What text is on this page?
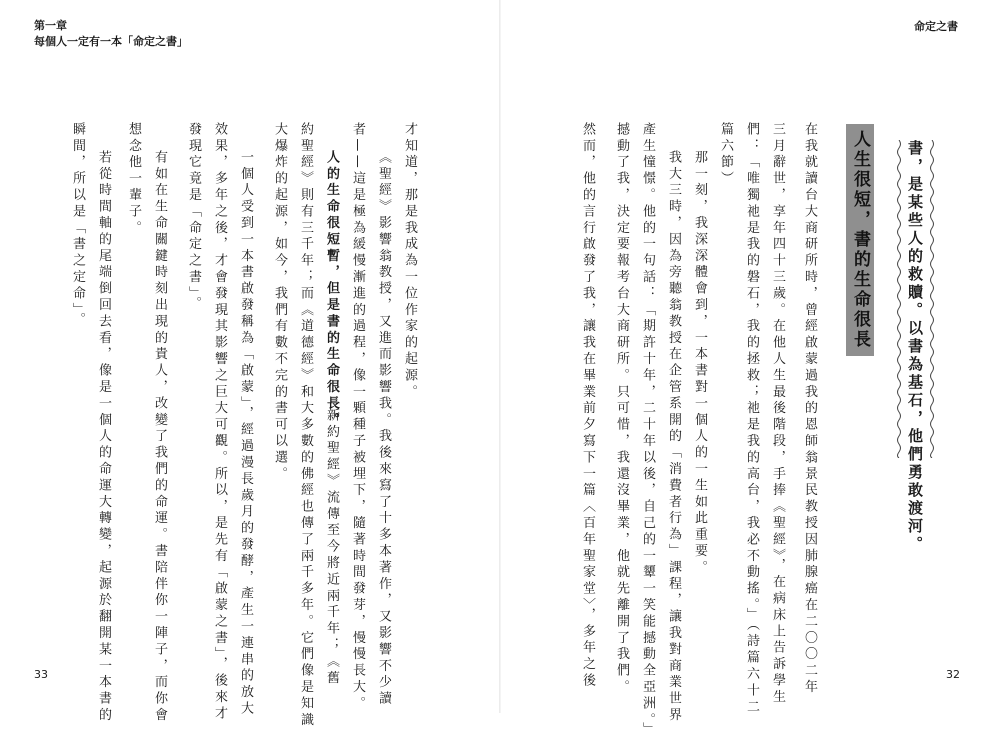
第一章
每個人一定有一本「命定之書」
命定之書
書，是某些人的救贖。以書為基石，他們勇敢渡河。
人生很短，書的生命很長
在我就讀台大商研所時，曾經啟蒙過我的恩師翁景民教授因肺腺癌在二〇〇二年
三月辭世，享年四十三歲。在他人生最後階段，手捧《聖經》，在病床上告訴學生
們：「唯獨祂是我的磐石，我的拯救；祂是我的高台，我必不動搖。」（詩篇六十二
篇六節）
那一刻，我深深體會到，一本書對一個人的一生如此重要。
我大三時，因為旁聽翁教授在企管系開的「消費者行為」課程，讓我對商業世界
產生憧憬。他的一句話：「期許十年，二十年以後，自己的一顰一笑能撼動全亞洲。」
撼動了我，決定要報考台大商研所。只可惜，我還沒畢業，他就先離開了我們。
然而，他的言行啟發了我，讓我在畢業前夕寫下一篇〈百年聖家堂〉，多年之後
才知道，那是我成為一位作家的起源。
《聖經》影響翁教授，又進而影響我。我後來寫了十多本著作，又影響不少讀
者——這是極為緩慢漸進的過程，像一顆種子被埋下，隨著時間發芽，慢慢長大。
人的生命很短暫，但是書的生命很長。
新約聖經》流傳至今將近兩千年；《舊
約聖經》則有三千年；而《道德經》和大多數的佛經也傳了兩千多年。它們像是知識
大爆炸的起源，如今，我們有數不完的書可以選。
一個人受到一本書啟發稱為「啟蒙」，經過漫長歲月的發酵，產生一連串的放大
效果，多年之後，才會發現其影響之巨大可觀。所以，是先有「啟蒙之書」，後來才
發現它竟是「命定之書」。
有如在生命關鍵時刻出現的貴人，改變了我們的命運。書陪伴你一陣子，而你會
想念他一輩子。
若從時間軸的尾端倒回去看，像是一個人的命運大轉變，起源於翻開某一本書的
瞬間，所以是「書之定命」。
33	32
